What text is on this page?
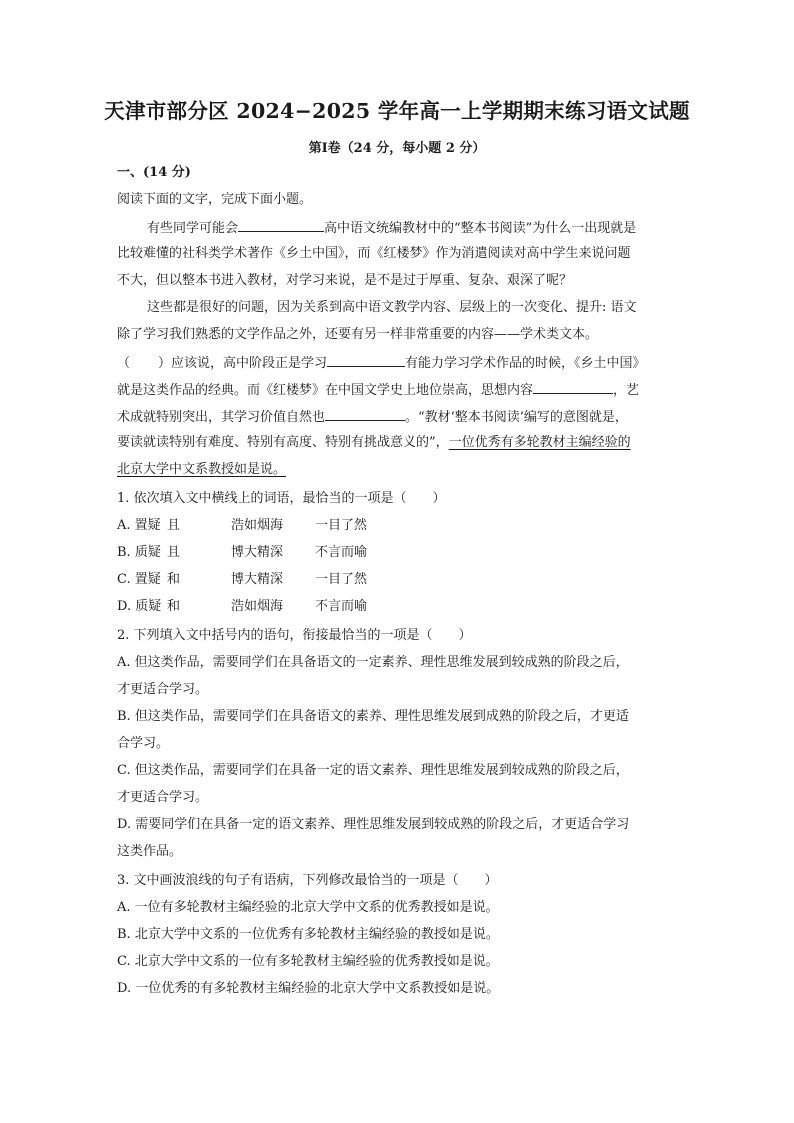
天津市部分区 2024−2025 学年高一上学期期末练习语文试题
第Ⅰ卷（24 分，每小题 2 分）
一、(14 分)
阅读下面的文字，完成下面小题。
有些同学可能会	高中语文统编教材中的“整本书阅读”为什么一出现就是
比较难懂的社科类学术著作《乡土中国》，而《红楼梦》作为消遣阅读对高中学生来说问题
不大，但以整本书进入教材，对学习来说，是不是过于厚重、复杂、艰深了呢？
这些都是很好的问题，因为关系到高中语文教学内容、层级上的一次变化、提升: 语文
除了学习我们熟悉的文学作品之外，还要有另一样非常重要的内容——学术类文本。
（ ）应该说，高中阶段正是学习	有能力学习学术作品的时候，《乡土中国》
就是这类作品的经典。而《红楼梦》在中国文学史上地位崇高，思想内容	，艺
术成就特别突出，其学习价值自然也	。“教材‘整本书阅读’编写的意图就是，
要读就读特别有难度、特别有高度、特别有挑战意义的”，一位优秀有多轮教材主编经验的
北京大学中文系教授如是说。
1. 依次填入文中横线上的词语，最恰当的一项是（　　）
A. 置疑 且	浩如烟海 一目了然
B. 质疑 且	博大精深 不言而喻
C. 置疑 和	博大精深 一目了然
D. 质疑 和	浩如烟海 不言而喻
2. 下列填入文中括号内的语句，衔接最恰当的一项是（　　）
A. 但这类作品，需要同学们在具备语文的一定素养、理性思维发展到较成熟的阶段之后，
才更适合学习。
B. 但这类作品，需要同学们在具备语文的素养、理性思维发展到成熟的阶段之后，才更适
合学习。
C. 但这类作品，需要同学们在具备一定的语文素养、理性思维发展到较成熟的阶段之后，
才更适合学习。
D. 需要同学们在具备一定的语文素养、理性思维发展到较成熟的阶段之后，才更适合学习
这类作品。
3. 文中画波浪线的句子有语病，下列修改最恰当的一项是（　　）
A. 一位有多轮教材主编经验的北京大学中文系的优秀教授如是说。
B. 北京大学中文系的一位优秀有多轮教材主编经验的教授如是说。
C. 北京大学中文系的一位有多轮教材主编经验的优秀教授如是说。
D. 一位优秀的有多轮教材主编经验的北京大学中文系教授如是说。
